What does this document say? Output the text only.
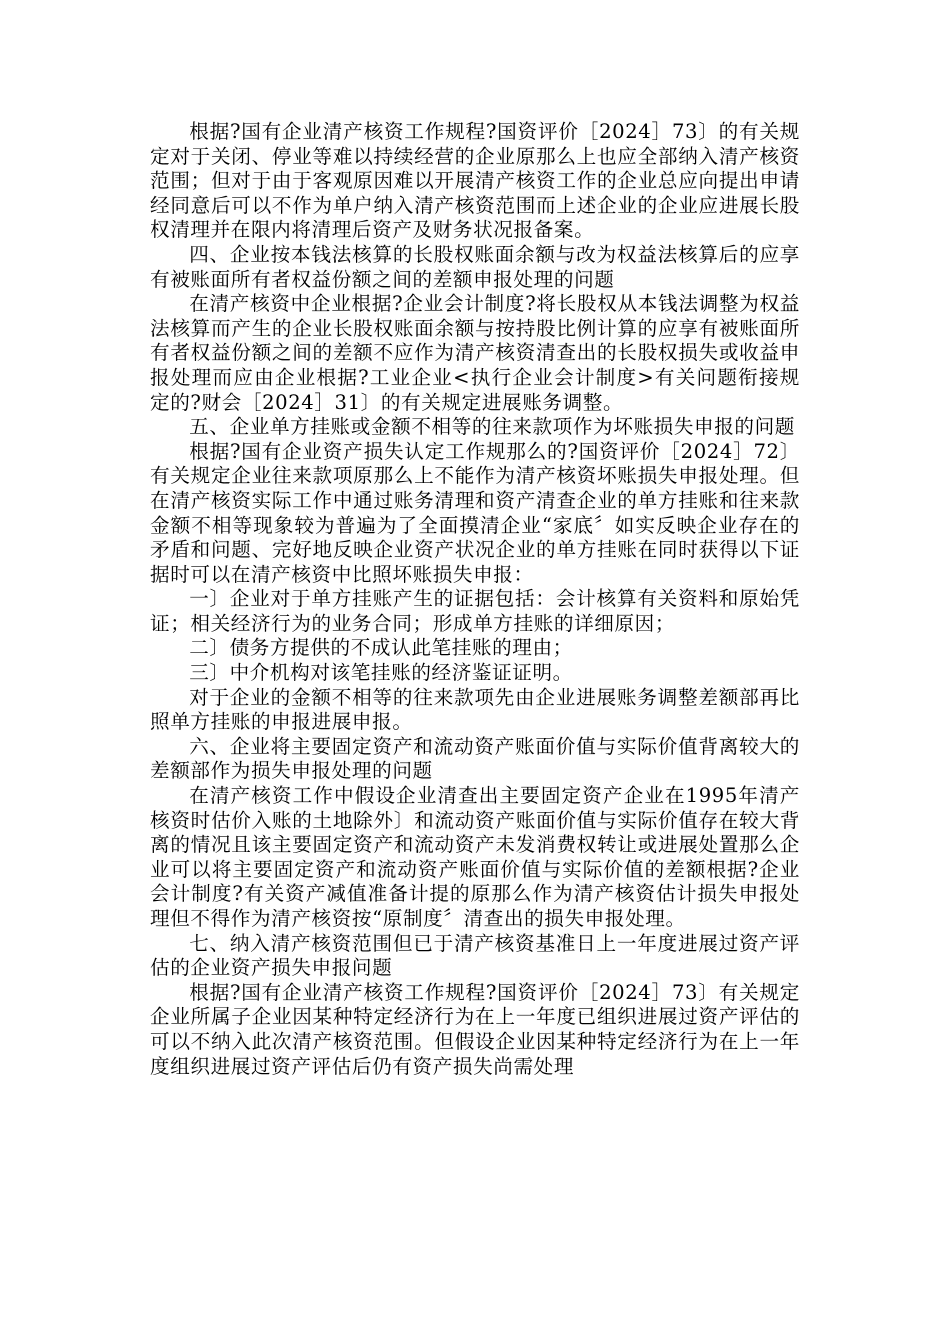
根据?国有企业清产核资工作规程?国资评价［2024］73〕的有关规定对于关闭、停业等难以持续经营的企业原那么上也应全部纳入清产核资范围；但对于由于客观原因难以开展清产核资工作的企业总应向提出申请经同意后可以不作为单户纳入清产核资范围而上述企业的企业应进展长股权清理并在限内将清理后资产及财务状况报备案。

四、企业按本钱法核算的长股权账面余额与改为权益法核算后的应享有被账面所有者权益份额之间的差额申报处理的问题

在清产核资中企业根据?企业会计制度?将长股权从本钱法调整为权益法核算而产生的企业长股权账面余额与按持股比例计算的应享有被账面所有者权益份额之间的差额不应作为清产核资清查出的长股权损失或收益申报处理而应由企业根据?工业企业<执行企业会计制度>有关问题衔接规定的?财会［2024］31〕的有关规定进展账务调整。

五、企业单方挂账或金额不相等的往来款项作为坏账损失申报的问题

根据?国有企业资产损失认定工作规那么的?国资评价［2024］72〕有关规定企业往来款项原那么上不能作为清产核资坏账损失申报处理。但在清产核资实际工作中通过账务清理和资产清查企业的单方挂账和往来款金额不相等现象较为普遍为了全面摸清企业“家底〞如实反映企业存在的矛盾和问题、完好地反映企业资产状况企业的单方挂账在同时获得以下证据时可以在清产核资中比照坏账损失申报：

一〕企业对于单方挂账产生的证据包括：会计核算有关资料和原始凭证；相关经济行为的业务合同；形成单方挂账的详细原因；

二〕债务方提供的不成认此笔挂账的理由；

三〕中介机构对该笔挂账的经济鉴证证明。

对于企业的金额不相等的往来款项先由企业进展账务调整差额部再比照单方挂账的申报进展申报。

六、企业将主要固定资产和流动资产账面价值与实际价值背离较大的差额部作为损失申报处理的问题

在清产核资工作中假设企业清查出主要固定资产企业在1995年清产核资时估价入账的土地除外〕和流动资产账面价值与实际价值存在较大背离的情况且该主要固定资产和流动资产未发消费权转让或进展处置那么企业可以将主要固定资产和流动资产账面价值与实际价值的差额根据?企业会计制度?有关资产减值准备计提的原那么作为清产核资估计损失申报处理但不得作为清产核资按“原制度〞清查出的损失申报处理。

七、纳入清产核资范围但已于清产核资基准日上一年度进展过资产评估的企业资产损失申报问题

根据?国有企业清产核资工作规程?国资评价［2024］73〕有关规定企业所属子企业因某种特定经济行为在上一年度已组织进展过资产评估的可以不纳入此次清产核资范围。但假设企业因某种特定经济行为在上一年度组织进展过资产评估后仍有资产损失尚需处理
